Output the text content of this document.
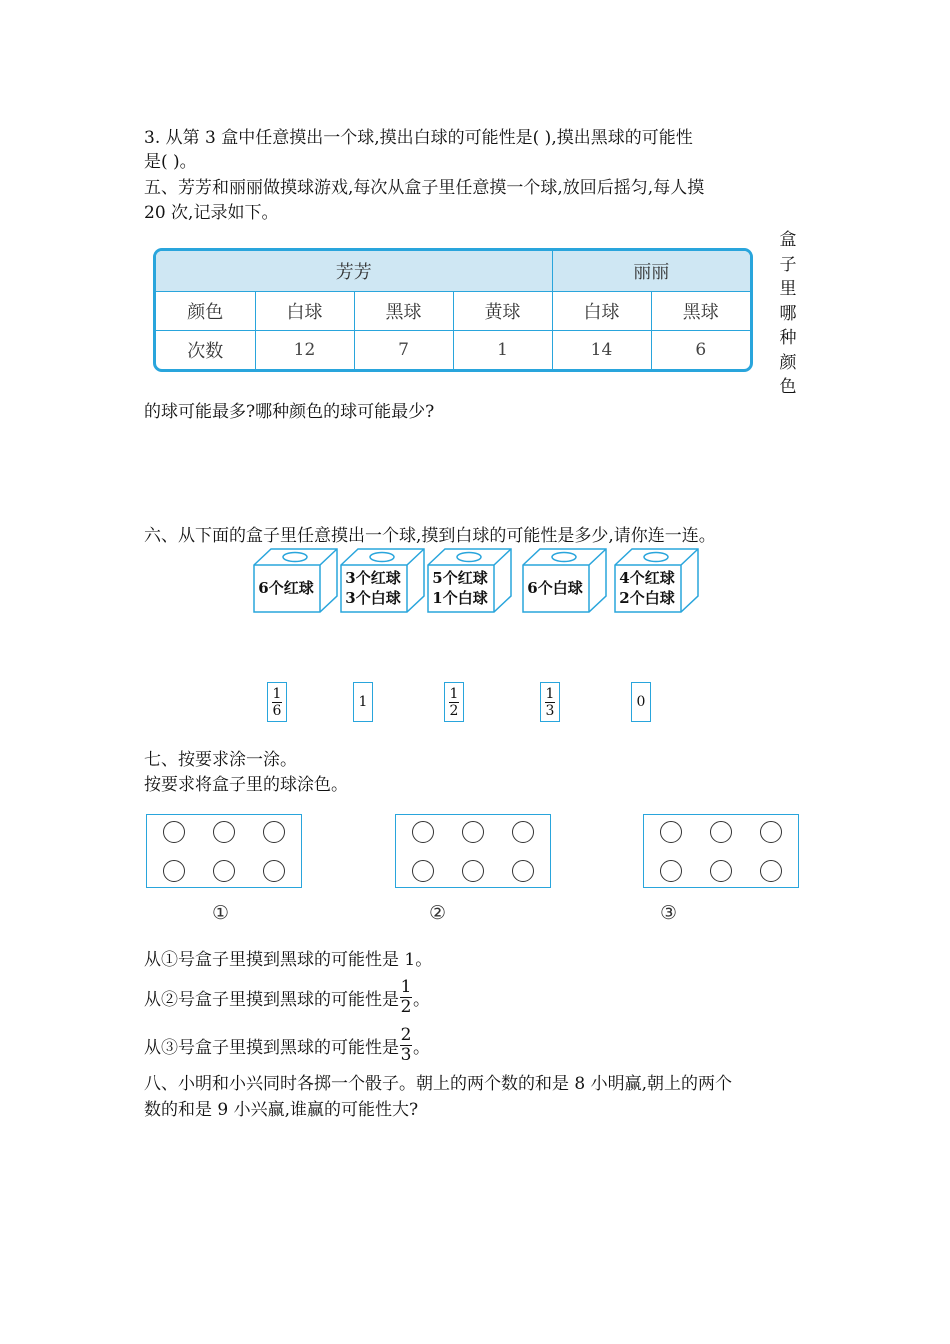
3. 从第 3 盒中任意摸出一个球,摸出白球的可能性是( ),摸出黑球的可能性
是( )。
五、芳芳和丽丽做摸球游戏,每次从盒子里任意摸一个球,放回后摇匀,每人摸
20 次,记录如下。
芳芳				丽丽	
颜色	白球	黑球	黄球	白球	黑球
次数	12	7	1	14	6
盒
子
里
哪
种
颜
色
的球可能最多?哪种颜色的球可能最少?
六、从下面的盒子里任意摸出一个球,摸到白球的可能性是多少,请你连一连。
6个红球
3个红球
3个白球
5个红球
1个白球
6个白球
4个红球
2个白球
$\frac{1}{6}$	1	$\frac{1}{2}$	$\frac{1}{3}$	0
七、按要求涂一涂。
按要求将盒子里的球涂色。
①	②	③
从①号盒子里摸到黑球的可能性是 1。
从②号盒子里摸到黑球的可能性是 $\frac{1}{2}$ 。
从③号盒子里摸到黑球的可能性是 $\frac{2}{3}$ 。
八、小明和小兴同时各掷一个骰子。朝上的两个数的和是 8 小明赢,朝上的两个
数的和是 9 小兴赢,谁赢的可能性大?
